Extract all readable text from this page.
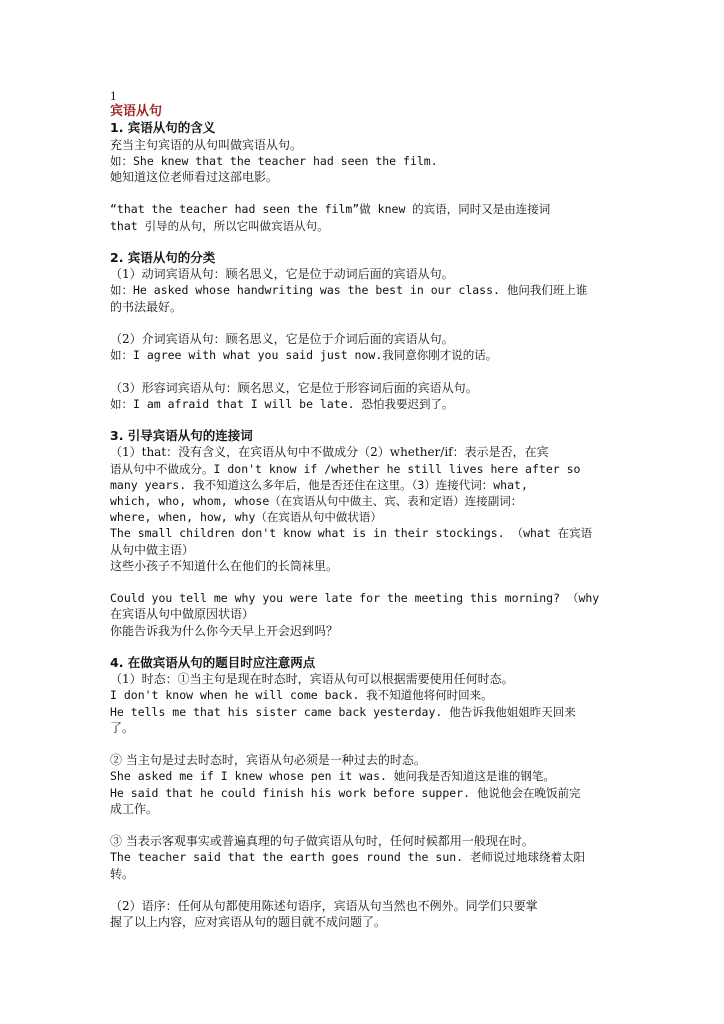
1

宾语从句

1. 宾语从句的含义

充当主句宾语的从句叫做宾语从句。

如：She knew that the teacher had seen the film.

她知道这位老师看过这部电影。

“that the teacher had seen the film”做 knew 的宾语，同时又是由连接词

that 引导的从句，所以它叫做宾语从句。

2. 宾语从句的分类

（1）动词宾语从句：顾名思义，它是位于动词后面的宾语从句。

如：He asked whose handwriting was the best in our class. 他问我们班上谁

的书法最好。

（2）介词宾语从句：顾名思义，它是位于介词后面的宾语从句。

如：I agree with what you said just now.我同意你刚才说的话。

（3）形容词宾语从句：顾名思义，它是位于形容词后面的宾语从句。

如：I am afraid that I will be late. 恐怕我要迟到了。

3. 引导宾语从句的连接词

（1）that：没有含义，在宾语从句中不做成分（2）whether/if：表示是否，在宾

语从句中不做成分。I don't know if /whether he still lives here after so

many years. 我不知道这么多年后，他是否还住在这里。（3）连接代词：what,

which, who, whom, whose（在宾语从句中做主、宾、表和定语）连接副词：

where, when, how, why（在宾语从句中做状语）

The small children don't know what is in their stockings. （what 在宾语

从句中做主语）

这些小孩子不知道什么在他们的长筒袜里。

Could you tell me why you were late for the meeting this morning? （why

在宾语从句中做原因状语）

你能告诉我为什么你今天早上开会迟到吗？

4. 在做宾语从句的题目时应注意两点

（1）时态：①当主句是现在时态时，宾语从句可以根据需要使用任何时态。

I don't know when he will come back. 我不知道他将何时回来。

He tells me that his sister came back yesterday. 他告诉我他姐姐昨天回来

了。

② 当主句是过去时态时，宾语从句必须是一种过去的时态。

She asked me if I knew whose pen it was. 她问我是否知道这是谁的钢笔。

He said that he could finish his work before supper. 他说他会在晚饭前完

成工作。

③ 当表示客观事实或普遍真理的句子做宾语从句时，任何时候都用一般现在时。

The teacher said that the earth goes round the sun. 老师说过地球绕着太阳

转。

（2）语序：任何从句都使用陈述句语序，宾语从句当然也不例外。同学们只要掌

握了以上内容，应对宾语从句的题目就不成问题了。
